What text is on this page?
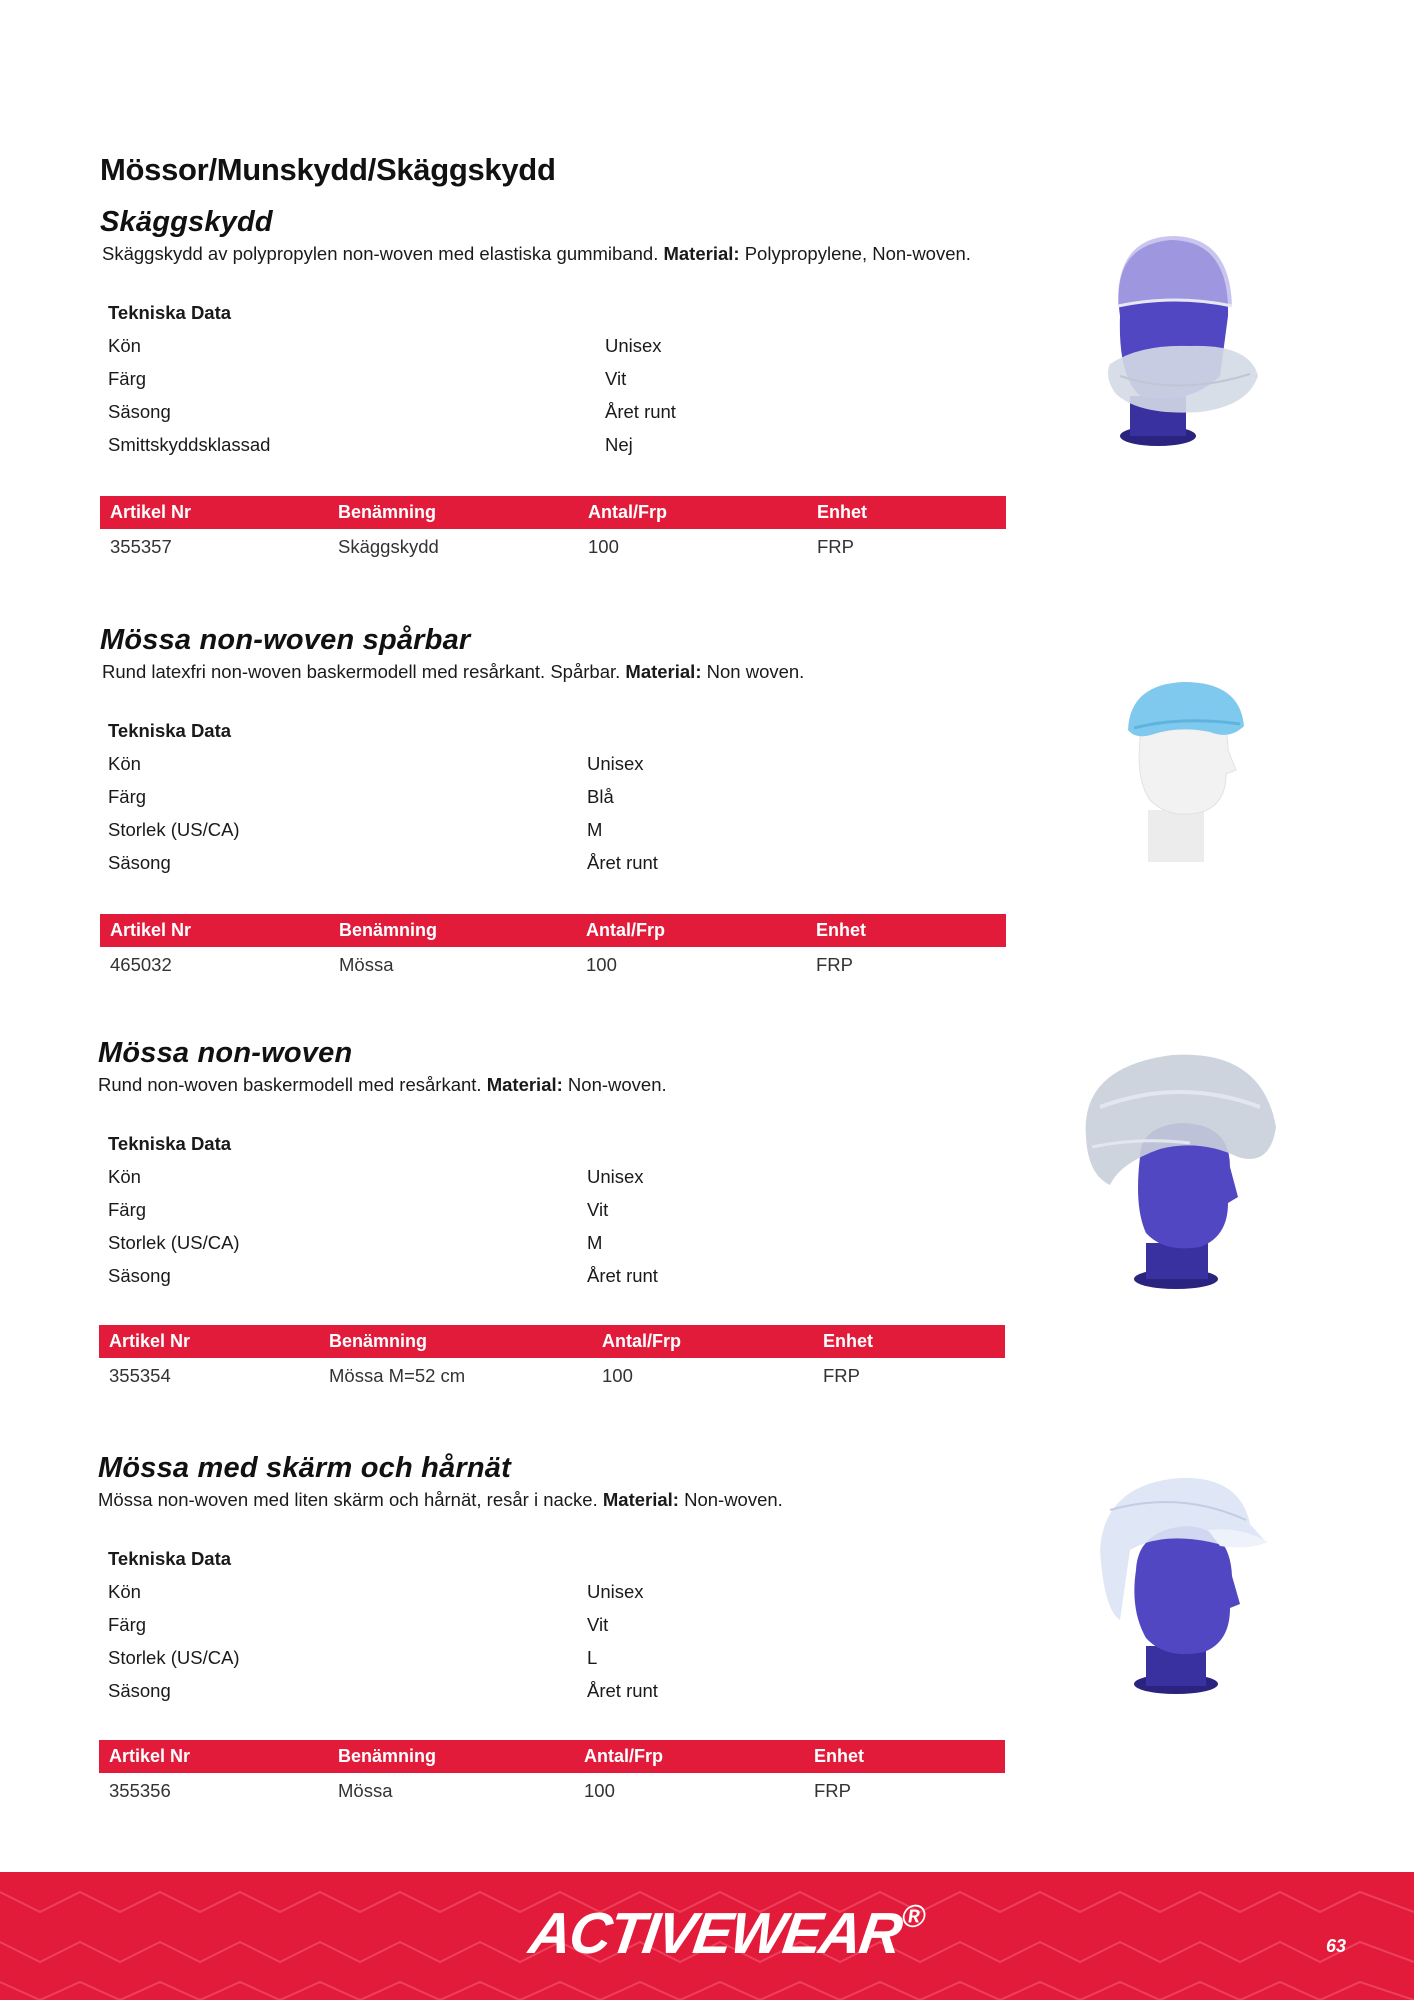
Mössor/Munskydd/Skäggskydd
Skäggskydd

Skäggskydd av polypropylen non-woven med elastiska gummiband. Material: Polypropylene, Non-woven.

Tekniska Data
Kön	Unisex
Färg	Vit
Säsong	Året runt
Smittskyddsklassad	Nej
Artikel Nr	Benämning	Antal/Frp	Enhet
355357	Skäggskydd	100	FRP
Mössa non-woven spårbar

Rund latexfri non-woven baskermodell med resårkant. Spårbar. Material: Non woven.

Tekniska Data
Kön	Unisex
Färg	Blå
Storlek (US/CA)	M
Säsong	Året runt
Artikel Nr	Benämning	Antal/Frp	Enhet
465032	Mössa	100	FRP
Mössa non-woven

Rund non-woven baskermodell med resårkant. Material: Non-woven.

Tekniska Data
Kön	Unisex
Färg	Vit
Storlek (US/CA)	M
Säsong	Året runt
Artikel Nr	Benämning	Antal/Frp	Enhet
355354	Mössa M=52 cm	100	FRP
Mössa med skärm och hårnät

Mössa non-woven med liten skärm och hårnät, resår i nacke. Material: Non-woven.

Tekniska Data
Kön	Unisex
Färg	Vit
Storlek (US/CA)	L
Säsong	Året runt
Artikel Nr	Benämning	Antal/Frp	Enhet
355356	Mössa	100	FRP
ACTIVEWEAR®
63
